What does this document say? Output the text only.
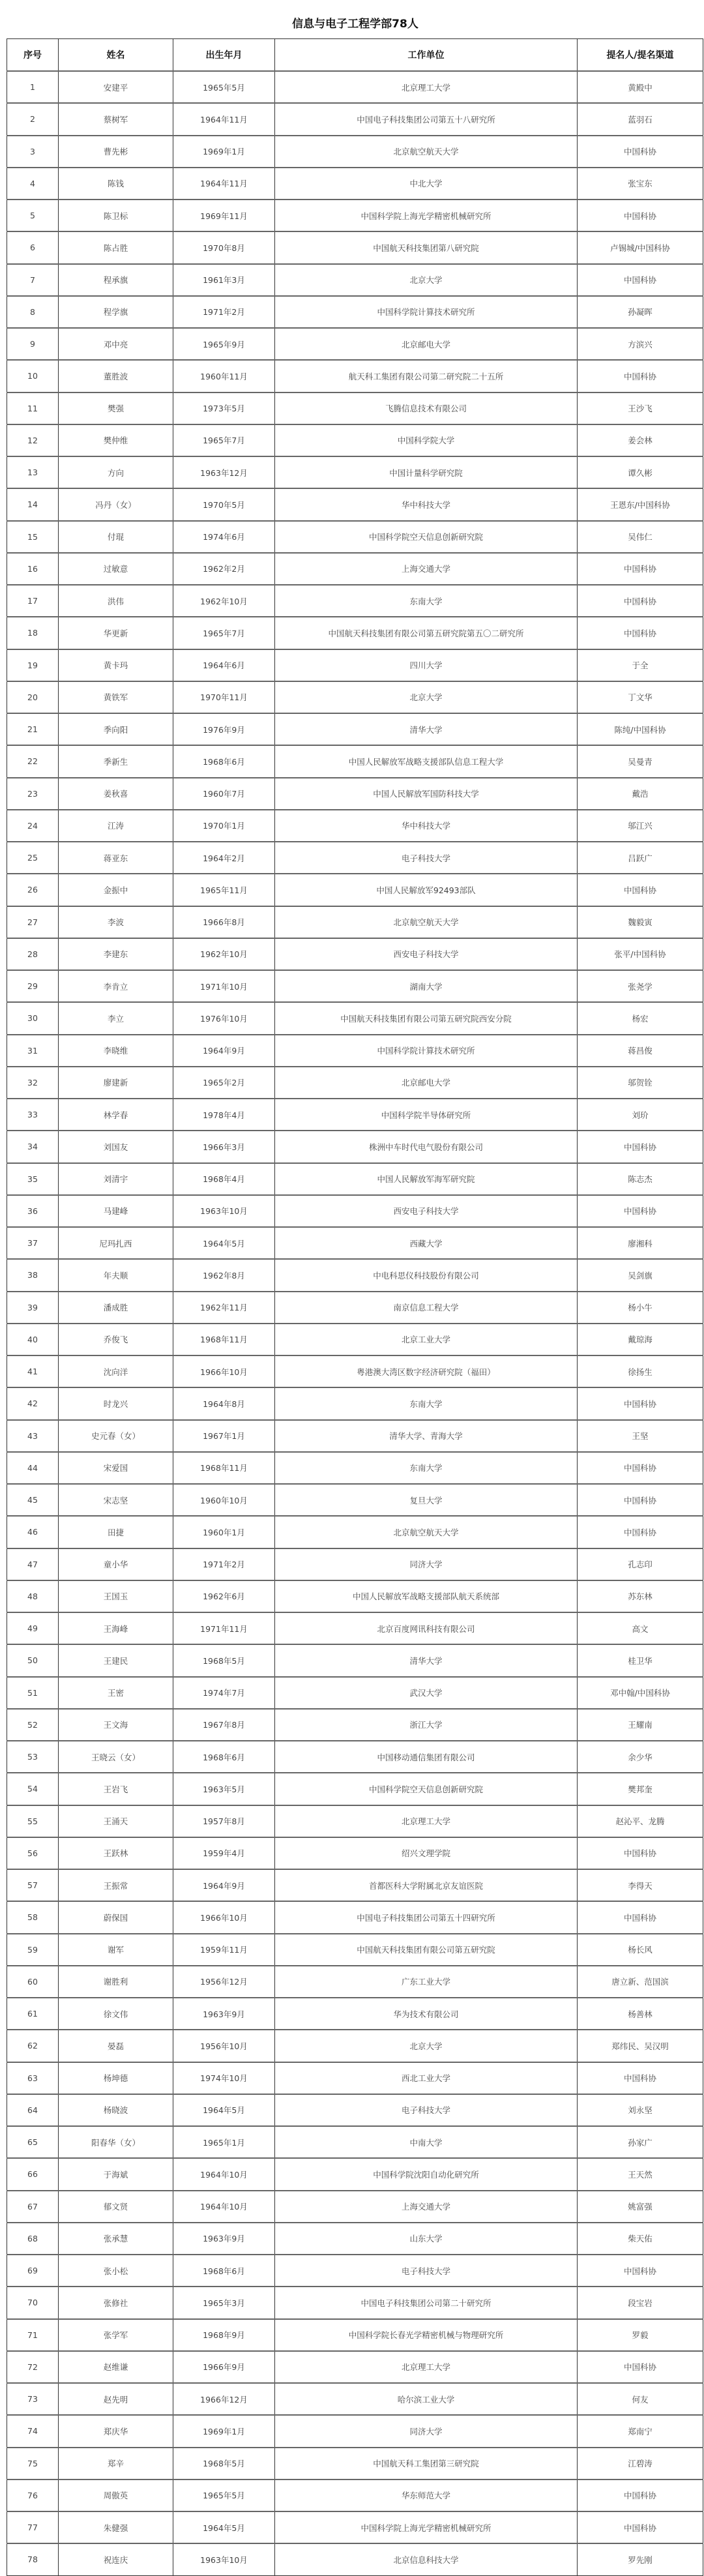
信息与电子工程学部78人
序号	姓名	出生年月	工作单位	提名人/提名渠道
1	安建平	1965年5月	北京理工大学	黄殿中
2	蔡树军	1964年11月	中国电子科技集团公司第五十八研究所	蓝羽石
3	曹先彬	1969年1月	北京航空航天大学	中国科协
4	陈钱	1964年11月	中北大学	张宝东
5	陈卫标	1969年11月	中国科学院上海光学精密机械研究所	中国科协
6	陈占胜	1970年8月	中国航天科技集团第八研究院	卢锡城/中国科协
7	程承旗	1961年3月	北京大学	中国科协
8	程学旗	1971年2月	中国科学院计算技术研究所	孙凝晖
9	邓中亮	1965年9月	北京邮电大学	方滨兴
10	董胜波	1960年11月	航天科工集团有限公司第二研究院二十五所	中国科协
11	樊强	1973年5月	飞腾信息技术有限公司	王沙飞
12	樊仲维	1965年7月	中国科学院大学	姜会林
13	方向	1963年12月	中国计量科学研究院	谭久彬
14	冯丹（女）	1970年5月	华中科技大学	王恩东/中国科协
15	付琨	1974年6月	中国科学院空天信息创新研究院	吴伟仁
16	过敏意	1962年2月	上海交通大学	中国科协
17	洪伟	1962年10月	东南大学	中国科协
18	华更新	1965年7月	中国航天科技集团有限公司第五研究院第五〇二研究所	中国科协
19	黄卡玛	1964年6月	四川大学	于全
20	黄铁军	1970年11月	北京大学	丁文华
21	季向阳	1976年9月	清华大学	陈纯/中国科协
22	季新生	1968年6月	中国人民解放军战略支援部队信息工程大学	吴曼青
23	姜秋喜	1960年7月	中国人民解放军国防科技大学	戴浩
24	江涛	1970年1月	华中科技大学	邬江兴
25	蒋亚东	1964年2月	电子科技大学	吕跃广
26	金振中	1965年11月	中国人民解放军92493部队	中国科协
27	李波	1966年8月	北京航空航天大学	魏毅寅
28	李建东	1962年10月	西安电子科技大学	张平/中国科协
29	李肯立	1971年10月	湖南大学	张尧学
30	李立	1976年10月	中国航天科技集团有限公司第五研究院西安分院	杨宏
31	李晓维	1964年9月	中国科学院计算技术研究所	蒋昌俊
32	廖建新	1965年2月	北京邮电大学	邬贺铨
33	林学春	1978年4月	中国科学院半导体研究所	刘玠
34	刘国友	1966年3月	株洲中车时代电气股份有限公司	中国科协
35	刘清宇	1968年4月	中国人民解放军海军研究院	陈志杰
36	马建峰	1963年10月	西安电子科技大学	中国科协
37	尼玛扎西	1964年5月	西藏大学	廖湘科
38	年夫顺	1962年8月	中电科思仪科技股份有限公司	吴剑旗
39	潘成胜	1962年11月	南京信息工程大学	杨小牛
40	乔俊飞	1968年11月	北京工业大学	戴琼海
41	沈向洋	1966年10月	粤港澳大湾区数字经济研究院（福田）	徐扬生
42	时龙兴	1964年8月	东南大学	中国科协
43	史元春（女）	1967年1月	清华大学、青海大学	王坚
44	宋爱国	1968年11月	东南大学	中国科协
45	宋志坚	1960年10月	复旦大学	中国科协
46	田捷	1960年1月	北京航空航天大学	中国科协
47	童小华	1971年2月	同济大学	孔志印
48	王国玉	1962年6月	中国人民解放军战略支援部队航天系统部	苏东林
49	王海峰	1971年11月	北京百度网讯科技有限公司	高文
50	王建民	1968年5月	清华大学	桂卫华
51	王密	1974年7月	武汉大学	邓中翰/中国科协
52	王文海	1967年8月	浙江大学	王耀南
53	王晓云（女）	1968年6月	中国移动通信集团有限公司	余少华
54	王岩飞	1963年5月	中国科学院空天信息创新研究院	樊邦奎
55	王涌天	1957年8月	北京理工大学	赵沁平、龙腾
56	王跃林	1959年4月	绍兴文理学院	中国科协
57	王振常	1964年9月	首都医科大学附属北京友谊医院	李得天
58	蔚保国	1966年10月	中国电子科技集团公司第五十四研究所	中国科协
59	谢军	1959年11月	中国航天科技集团有限公司第五研究院	杨长风
60	谢胜利	1956年12月	广东工业大学	唐立新、范国滨
61	徐文伟	1963年9月	华为技术有限公司	杨善林
62	晏磊	1956年10月	北京大学	郑纬民、吴汉明
63	杨坤德	1974年10月	西北工业大学	中国科协
64	杨晓波	1964年5月	电子科技大学	刘永坚
65	阳春华（女）	1965年1月	中南大学	孙家广
66	于海斌	1964年10月	中国科学院沈阳自动化研究所	王天然
67	郁文贤	1964年10月	上海交通大学	姚富强
68	张承慧	1963年9月	山东大学	柴天佑
69	张小松	1968年6月	电子科技大学	中国科协
70	张修社	1965年3月	中国电子科技集团公司第二十研究所	段宝岩
71	张学军	1968年9月	中国科学院长春光学精密机械与物理研究所	罗毅
72	赵维谦	1966年9月	北京理工大学	中国科协
73	赵先明	1966年12月	哈尔滨工业大学	何友
74	郑庆华	1969年1月	同济大学	郑南宁
75	郑辛	1968年5月	中国航天科工集团第三研究院	江碧涛
76	周傲英	1965年5月	华东师范大学	中国科协
77	朱健强	1964年5月	中国科学院上海光学精密机械研究所	中国科协
78	祝连庆	1963年10月	北京信息科技大学	罗先刚
